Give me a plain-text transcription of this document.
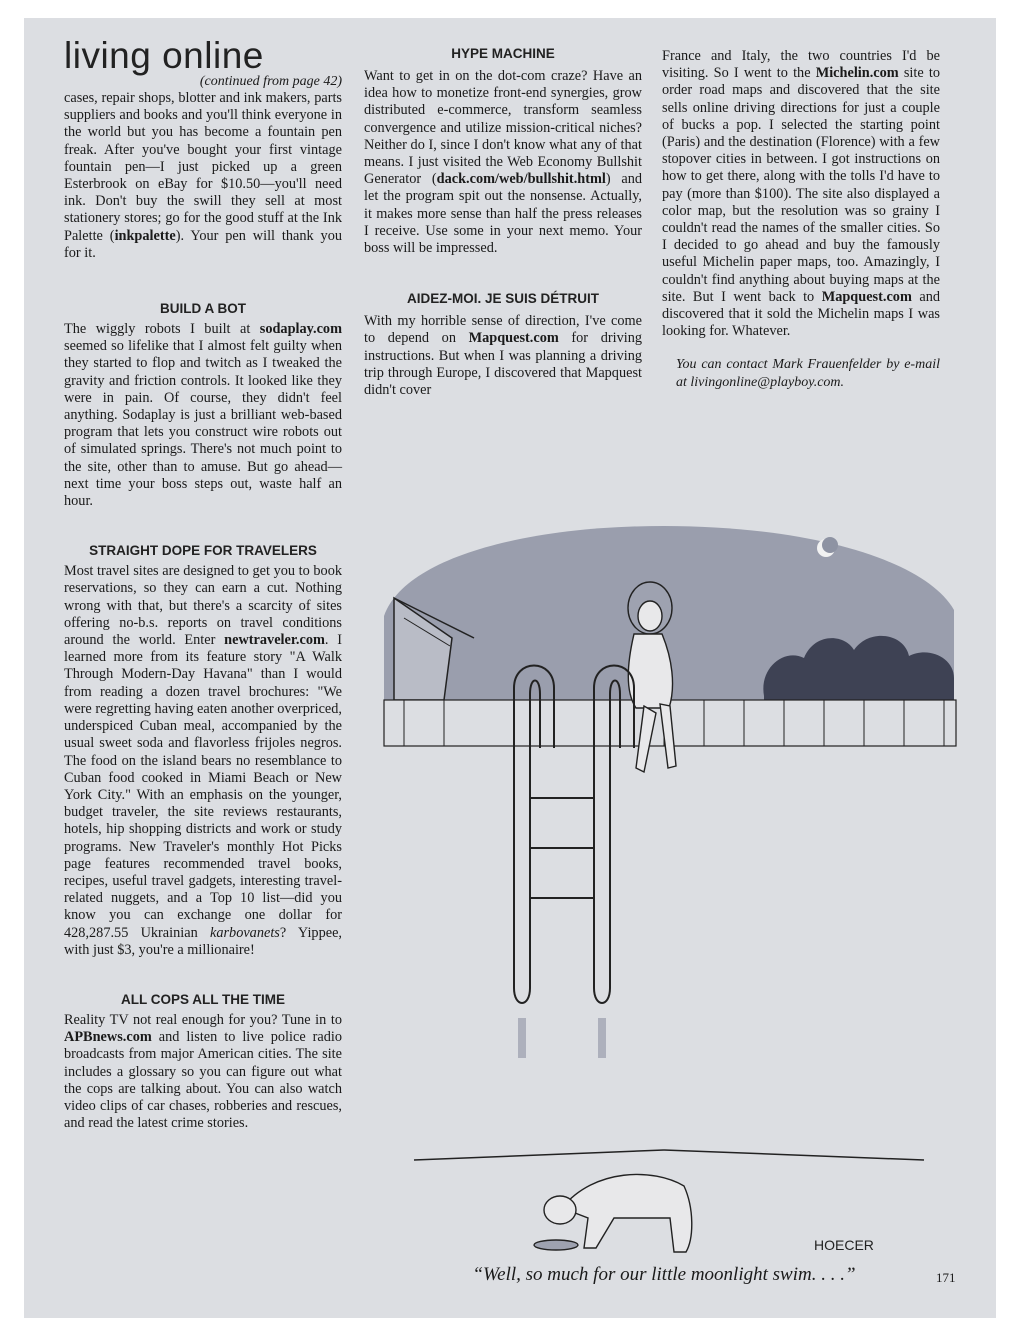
living online

(continued from page 42)

cases, repair shops, blotter and ink makers, parts suppliers and books and you'll think everyone in the world but you has become a fountain pen freak. After you've bought your first vintage fountain pen—I just picked up a green Esterbrook on eBay for $10.50—you'll need ink. Don't buy the swill they sell at most stationery stores; go for the good stuff at the Ink Palette (inkpalette). Your pen will thank you for it.

BUILD A BOT

The wiggly robots I built at sodaplay.com seemed so lifelike that I almost felt guilty when they started to flop and twitch as I tweaked the gravity and friction controls. It looked like they were in pain. Of course, they didn't feel anything. Sodaplay is just a brilliant web-based program that lets you construct wire robots out of simulated springs. There's not much point to the site, other than to amuse. But go ahead—next time your boss steps out, waste half an hour.

STRAIGHT DOPE FOR TRAVELERS

Most travel sites are designed to get you to book reservations, so they can earn a cut. Nothing wrong with that, but there's a scarcity of sites offering no-b.s. reports on travel conditions around the world. Enter newtraveler.com. I learned more from its feature story "A Walk Through Modern-Day Havana" than I would from reading a dozen travel brochures: "We were regretting having eaten another overpriced, underspiced Cuban meal, accompanied by the usual sweet soda and flavorless frijoles negros. The food on the island bears no resemblance to Cuban food cooked in Miami Beach or New York City." With an emphasis on the younger, budget traveler, the site reviews restaurants, hotels, hip shopping districts and work or study programs. New Traveler's monthly Hot Picks page features recommended travel books, recipes, useful travel gadgets, interesting travel-related nuggets, and a Top 10 list—did you know you can exchange one dollar for 428,287.55 Ukrainian karbovanets? Yippee, with just $3, you're a millionaire!

ALL COPS ALL THE TIME

Reality TV not real enough for you? Tune in to APBnews.com and listen to live police radio broadcasts from major American cities. The site includes a glossary so you can figure out what the cops are talking about. You can also watch video clips of car chases, robberies and rescues, and read the latest crime stories.

HYPE MACHINE

Want to get in on the dot-com craze? Have an idea how to monetize front-end synergies, grow distributed e-commerce, transform seamless convergence and utilize mission-critical niches? Neither do I, since I don't know what any of that means. I just visited the Web Economy Bullshit Generator (dack.com/web/bullshit.html) and let the program spit out the nonsense. Actually, it makes more sense than half the press releases I receive. Use some in your next memo. Your boss will be impressed.

AIDEZ-MOI. JE SUIS DÉTRUIT

With my horrible sense of direction, I've come to depend on Mapquest.com for driving instructions. But when I was planning a driving trip through Europe, I discovered that Mapquest didn't cover

France and Italy, the two countries I'd be visiting. So I went to the Michelin.com site to order road maps and discovered that the site sells online driving directions for just a couple of bucks a pop. I selected the starting point (Paris) and the destination (Florence) with a few stopover cities in between. I got instructions on how to get there, along with the tolls I'd have to pay (more than $100). The site also displayed a color map, but the resolution was so grainy I couldn't read the names of the smaller cities. So I decided to go ahead and buy the famously useful Michelin paper maps, too. Amazingly, I couldn't find anything about buying maps at the site. But I went back to Mapquest.com and discovered that it sold the Michelin maps I was looking for. Whatever.

You can contact Mark Frauenfelder by e-mail at livingonline@playboy.com.

HOECER
“Well, so much for our little moonlight swim. . . .”	171
